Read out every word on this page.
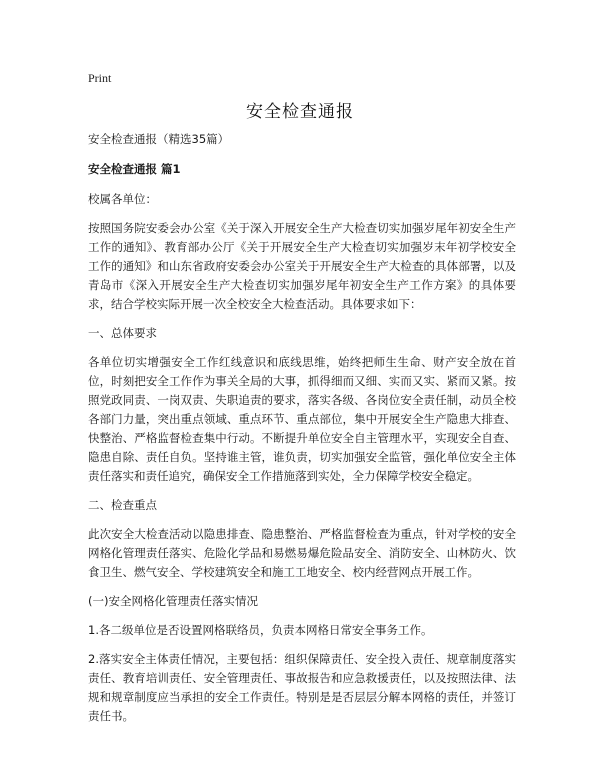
Print
安全检查通报

安全检查通报（精选35篇）

安全检查通报 篇1

校属各单位：

按照国务院安委会办公室《关于深入开展安全生产大检查切实加强岁尾年初安全生产工作的通知》、教育部办公厅《关于开展安全生产大检查切实加强岁末年初学校安全工作的通知》和山东省政府安委会办公室关于开展安全生产大检查的具体部署，以及青岛市《深入开展安全生产大检查切实加强岁尾年初安全生产工作方案》的具体要求，结合学校实际开展一次全校安全大检查活动。具体要求如下：

一、总体要求

各单位切实增强安全工作红线意识和底线思维，始终把师生生命、财产安全放在首位，时刻把安全工作作为事关全局的大事，抓得细而又细、实而又实、紧而又紧。按照党政同责、一岗双责、失职追责的要求，落实各级、各岗位安全责任制，动员全校各部门力量，突出重点领域、重点环节、重点部位，集中开展安全生产隐患大排查、快整治、严格监督检查集中行动。不断提升单位安全自主管理水平，实现安全自查、隐患自除、责任自负。坚持谁主管，谁负责，切实加强安全监管，强化单位安全主体责任落实和责任追究，确保安全工作措施落到实处，全力保障学校安全稳定。

二、检查重点

此次安全大检查活动以隐患排查、隐患整治、严格监督检查为重点，针对学校的安全网格化管理责任落实、危险化学品和易燃易爆危险品安全、消防安全、山林防火、饮食卫生、燃气安全、学校建筑安全和施工工地安全、校内经营网点开展工作。

(一)安全网格化管理责任落实情况

1.各二级单位是否设置网格联络员，负责本网格日常安全事务工作。

2.落实安全主体责任情况，主要包括：组织保障责任、安全投入责任、规章制度落实责任、教育培训责任、安全管理责任、事故报告和应急救援责任，以及按照法律、法规和规章制度应当承担的安全工作责任。特别是是否层层分解本网格的责任，并签订责任书。
